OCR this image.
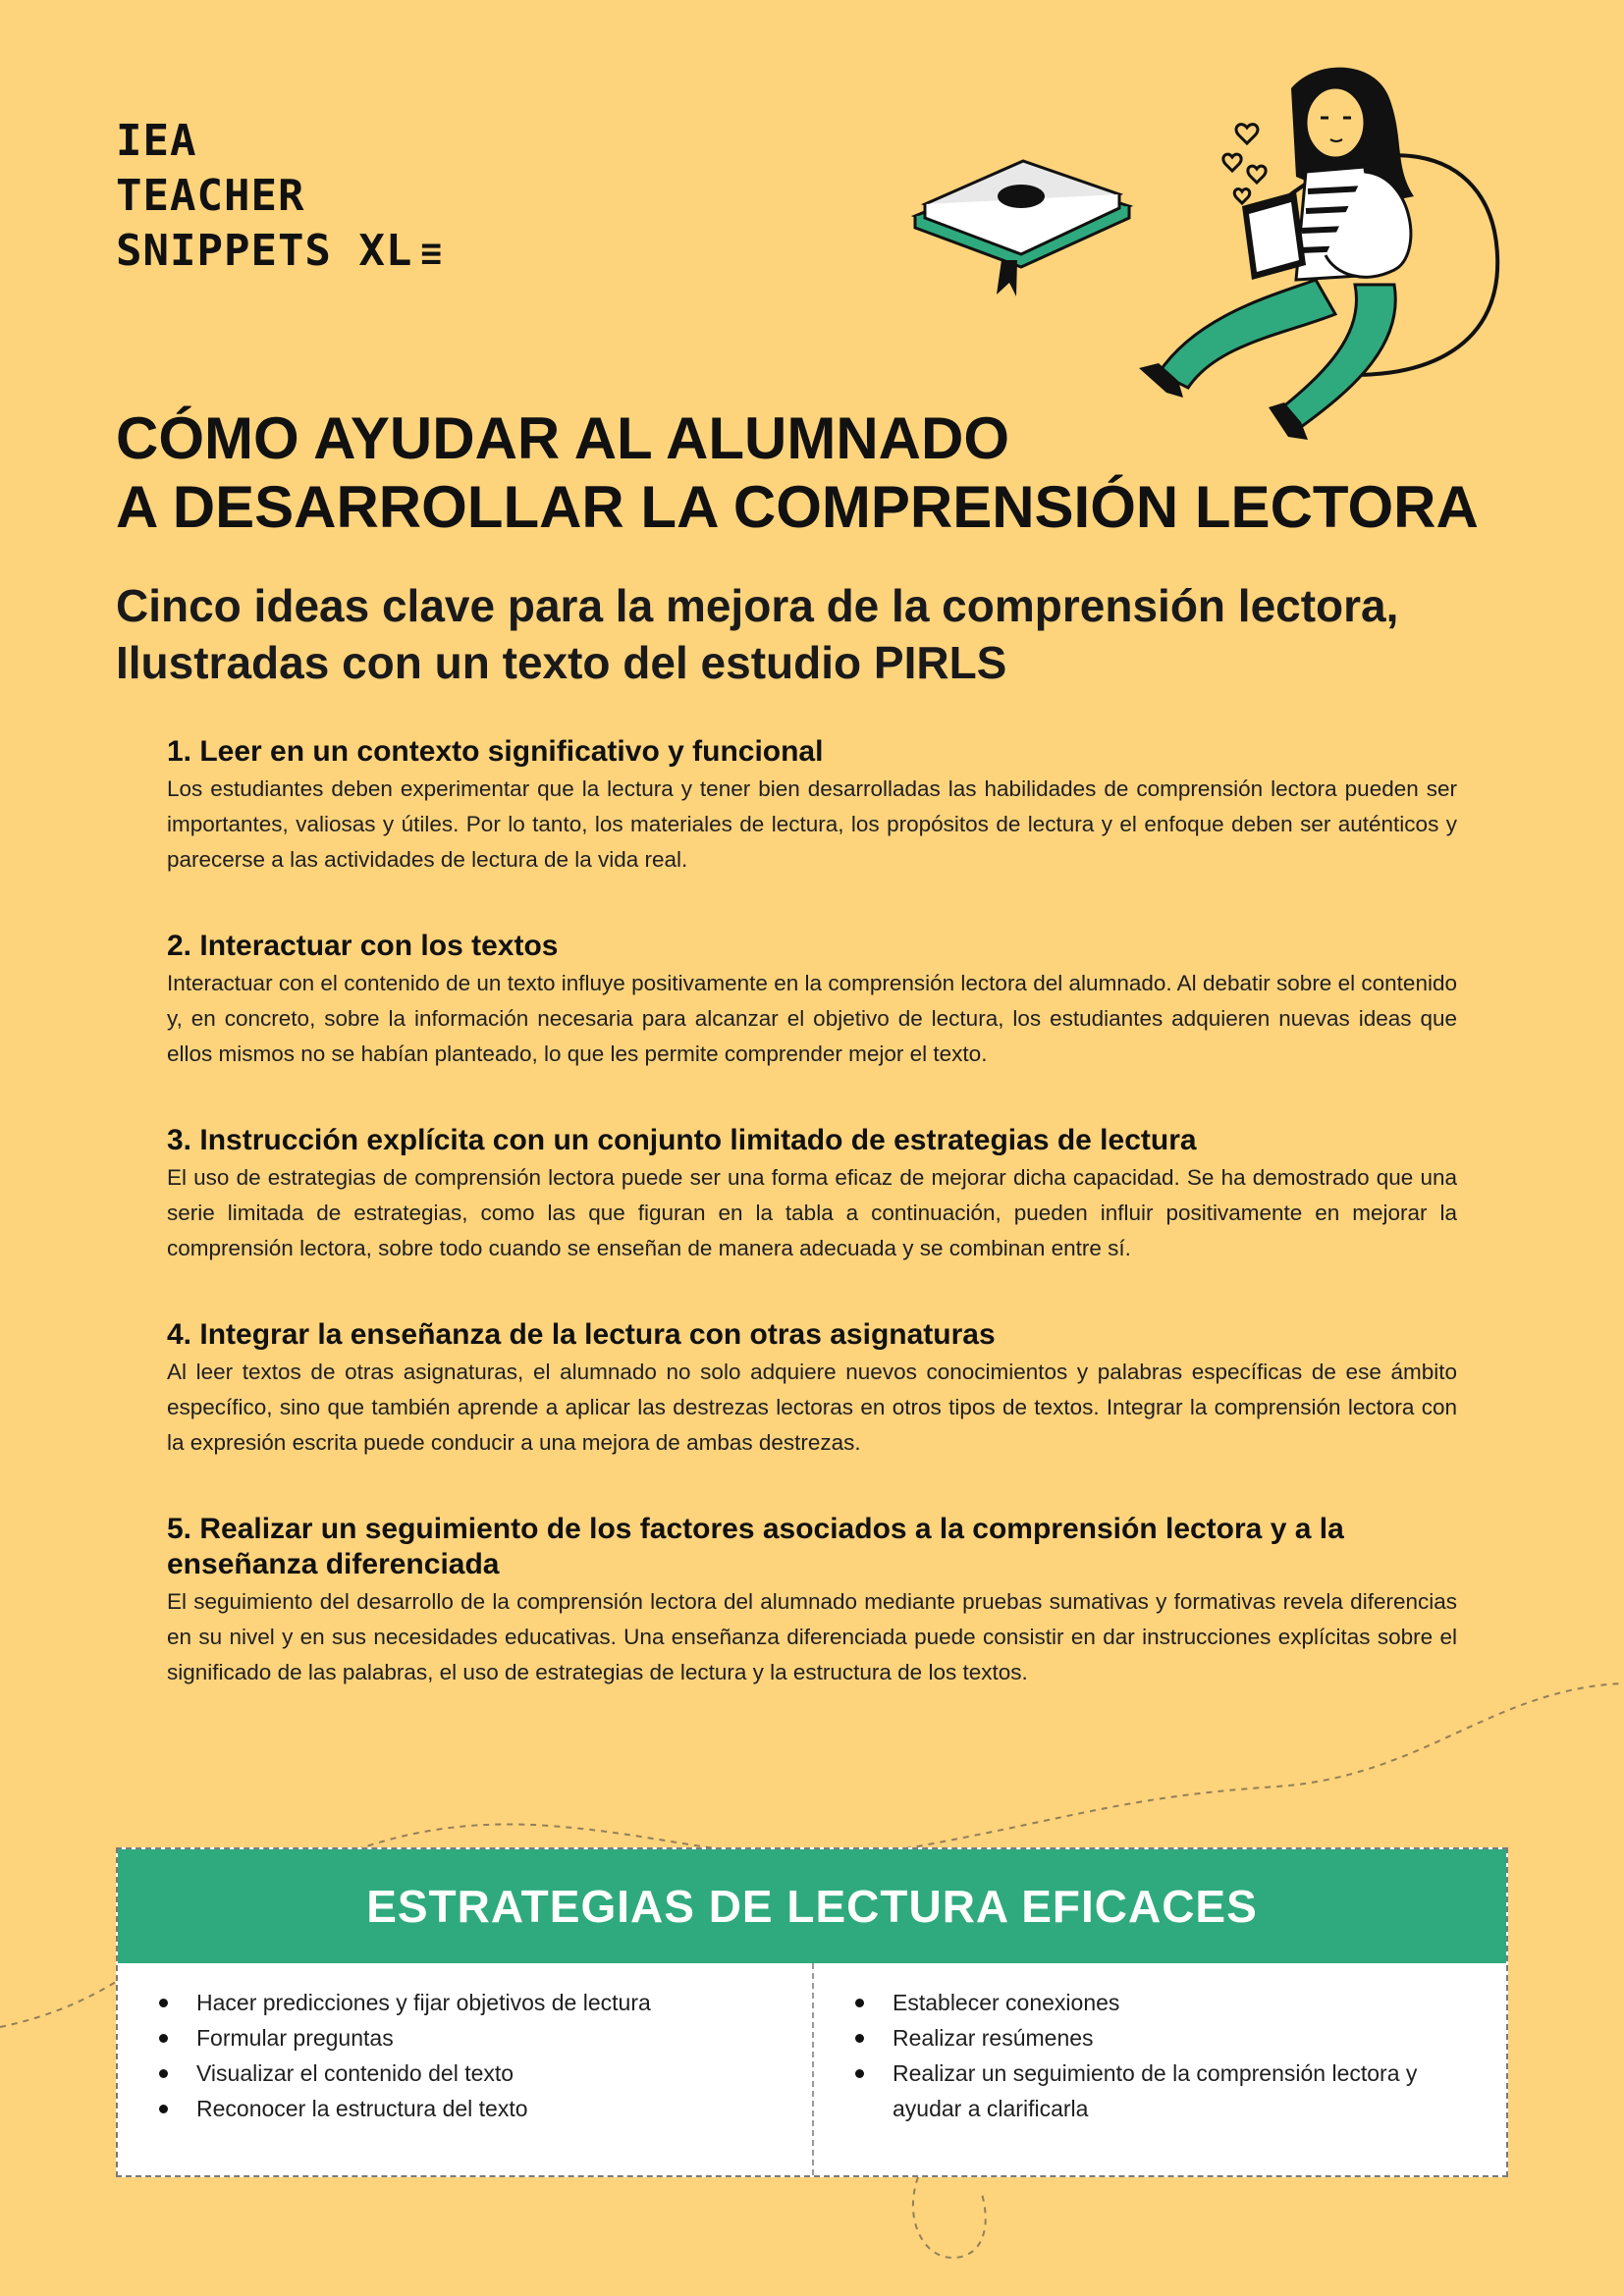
IEA
TEACHER
SNIPPETS XL ≡
CÓMO AYUDAR AL ALUMNADO
A DESARROLLAR LA COMPRENSIÓN LECTORA
Cinco ideas clave para la mejora de la comprensión lectora,
Ilustradas con un texto del estudio PIRLS
1. Leer en un contexto significativo y funcional

Los estudiantes deben experimentar que la lectura y tener bien desarrolladas las habilidades de comprensión lectora pueden ser importantes, valiosas y útiles. Por lo tanto, los materiales de lectura, los propósitos de lectura y el enfoque deben ser auténticos y parecerse a las actividades de lectura de la vida real.

2. Interactuar con los textos

Interactuar con el contenido de un texto influye positivamente en la comprensión lectora del alumnado. Al debatir sobre el contenido y, en concreto, sobre la información necesaria para alcanzar el objetivo de lectura, los estudiantes adquieren nuevas ideas que ellos mismos no se habían planteado, lo que les permite comprender mejor el texto.

3. Instrucción explícita con un conjunto limitado de estrategias de lectura

El uso de estrategias de comprensión lectora puede ser una forma eficaz de mejorar dicha capacidad. Se ha demostrado que una serie limitada de estrategias, como las que figuran en la tabla a continuación, pueden influir positivamente en mejorar la comprensión lectora, sobre todo cuando se enseñan de manera adecuada y se combinan entre sí.

4. Integrar la enseñanza de la lectura con otras asignaturas

Al leer textos de otras asignaturas, el alumnado no solo adquiere nuevos conocimientos y palabras específicas de ese ámbito específico, sino que también aprende a aplicar las destrezas lectoras en otros tipos de textos. Integrar la comprensión lectora con la expresión escrita puede conducir a una mejora de ambas destrezas.

5. Realizar un seguimiento de los factores asociados a la comprensión lectora y a la enseñanza diferenciada

El seguimiento del desarrollo de la comprensión lectora del alumnado mediante pruebas sumativas y formativas revela diferencias en su nivel y en sus necesidades educativas. Una enseñanza diferenciada puede consistir en dar instrucciones explícitas sobre el significado de las palabras, el uso de estrategias de lectura y la estructura de los textos.

ESTRATEGIAS DE LECTURA EFICACES
Hacer predicciones y fijar objetivos de lectura
Formular preguntas
Visualizar el contenido del texto
Reconocer la estructura del texto
Establecer conexiones
Realizar resúmenes
Realizar un seguimiento de la comprensión lectora y ayudar a clarificarla
